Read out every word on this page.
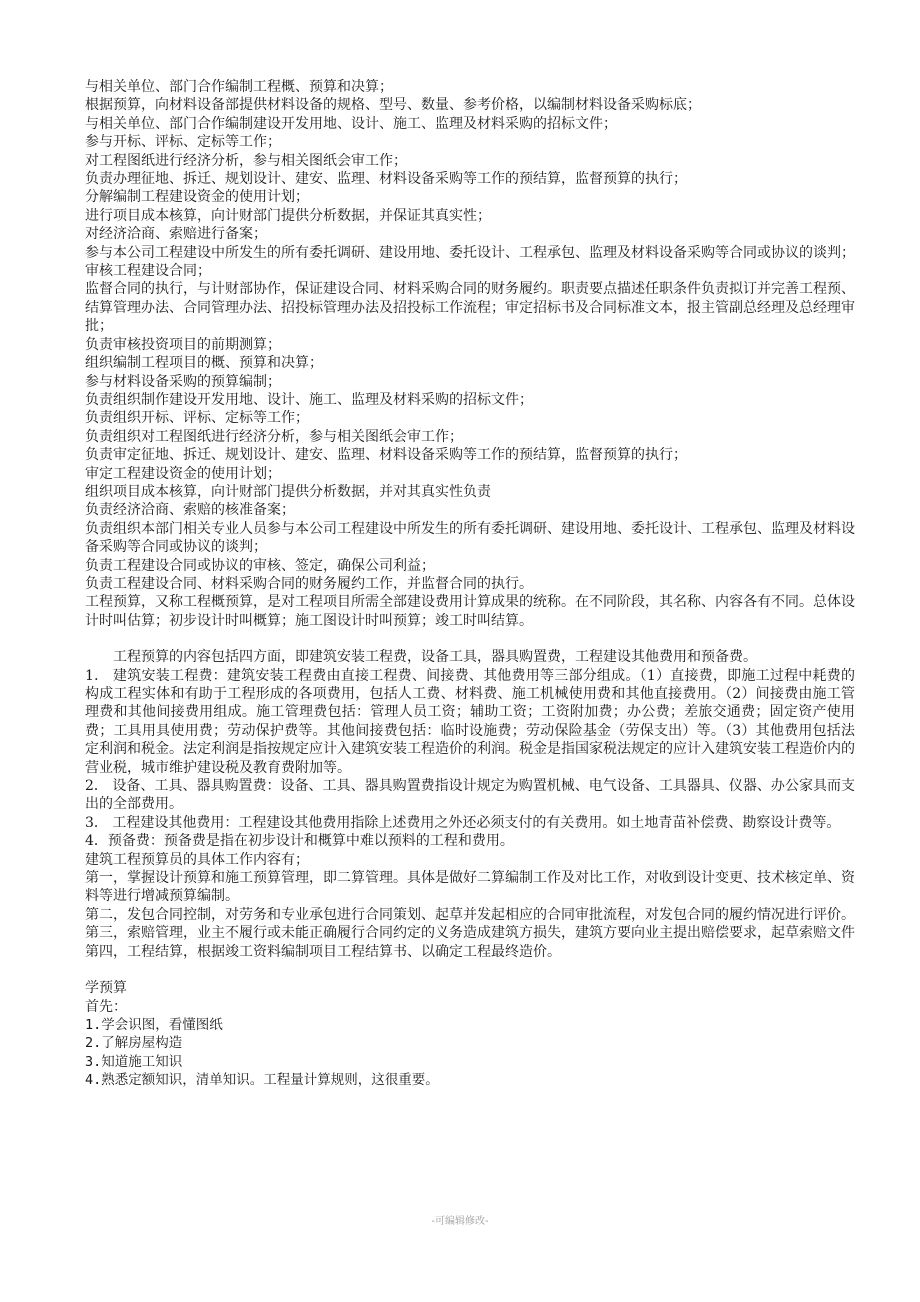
与相关单位、部门合作编制工程概、预算和决算；

根据预算，向材料设备部提供材料设备的规格、型号、数量、参考价格，以编制材料设备采购标底；

与相关单位、部门合作编制建设开发用地、设计、施工、监理及材料采购的招标文件；

参与开标、评标、定标等工作；

对工程图纸进行经济分析，参与相关图纸会审工作；

负责办理征地、拆迁、规划设计、建安、监理、材料设备采购等工作的预结算，监督预算的执行；

分解编制工程建设资金的使用计划；

进行项目成本核算，向计财部门提供分析数据，并保证其真实性；

对经济洽商、索赔进行备案；

参与本公司工程建设中所发生的所有委托调研、建设用地、委托设计、工程承包、监理及材料设备采购等合同或协议的谈判；

审核工程建设合同；

监督合同的执行，与计财部协作，保证建设合同、材料采购合同的财务履约。职责要点描述任职条件负责拟订并完善工程预、结算管理办法、合同管理办法、招投标管理办法及招投标工作流程；审定招标书及合同标准文本，报主管副总经理及总经理审批；

负责审核投资项目的前期测算；

组织编制工程项目的概、预算和决算；

参与材料设备采购的预算编制；

负责组织制作建设开发用地、设计、施工、监理及材料采购的招标文件；

负责组织开标、评标、定标等工作；

负责组织对工程图纸进行经济分析，参与相关图纸会审工作；

负责审定征地、拆迁、规划设计、建安、监理、材料设备采购等工作的预结算，监督预算的执行；

审定工程建设资金的使用计划；

组织项目成本核算，向计财部门提供分析数据，并对其真实性负责

负责经济洽商、索赔的核准备案；

负责组织本部门相关专业人员参与本公司工程建设中所发生的所有委托调研、建设用地、委托设计、工程承包、监理及材料设备采购等合同或协议的谈判；

负责工程建设合同或协议的审核、签定，确保公司利益；

负责工程建设合同、材料采购合同的财务履约工作，并监督合同的执行。

工程预算，又称工程概预算，是对工程项目所需全部建设费用计算成果的统称。在不同阶段，其名称、内容各有不同。总体设计时叫估算；初步设计时叫概算；施工图设计时叫预算；竣工时叫结算。

工程预算的内容包括四方面，即建筑安装工程费，设备工具，器具购置费，工程建设其他费用和预备费。

1． 建筑安装工程费：建筑安装工程费由直接工程费、间接费、其他费用等三部分组成。（1）直接费，即施工过程中耗费的构成工程实体和有助于工程形成的各项费用，包括人工费、材料费、施工机械使用费和其他直接费用。（2）间接费由施工管理费和其他间接费用组成。施工管理费包括：管理人员工资；辅助工资；工资附加费；办公费；差旅交通费；固定资产使用费；工具用具使用费；劳动保护费等。其他间接费包括：临时设施费；劳动保险基金（劳保支出）等。（3）其他费用包括法定利润和税金。法定利润是指按规定应计入建筑安装工程造价的利润。税金是指国家税法规定的应计入建筑安装工程造价内的营业税，城市维护建设税及教育费附加等。

2． 设备、工具、器具购置费：设备、工具、器具购置费指设计规定为购置机械、电气设备、工具器具、仪器、办公家具而支出的全部费用。

3． 工程建设其他费用：工程建设其他费用指除上述费用之外还必须支付的有关费用。如土地青苗补偿费、勘察设计费等。

4．预备费：预备费是指在初步设计和概算中难以预料的工程和费用。

建筑工程预算员的具体工作内容有；

第一，掌握设计预算和施工预算管理，即二算管理。具体是做好二算编制工作及对比工作，对收到设计变更、技术核定单、资料等进行增减预算编制。

第二，发包合同控制，对劳务和专业承包进行合同策划、起草并发起相应的合同审批流程，对发包合同的履约情况进行评价。

第三，索赔管理，业主不履行或未能正确履行合同约定的义务造成建筑方损失，建筑方要向业主提出赔偿要求，起草索赔文件

第四，工程结算，根据竣工资料编制项目工程结算书、以确定工程最终造价。

学预算

首先：

1.学会识图，看懂图纸

2.了解房屋构造

3.知道施工知识

4.熟悉定额知识，清单知识。工程量计算规则，这很重要。

-可编辑修改-
